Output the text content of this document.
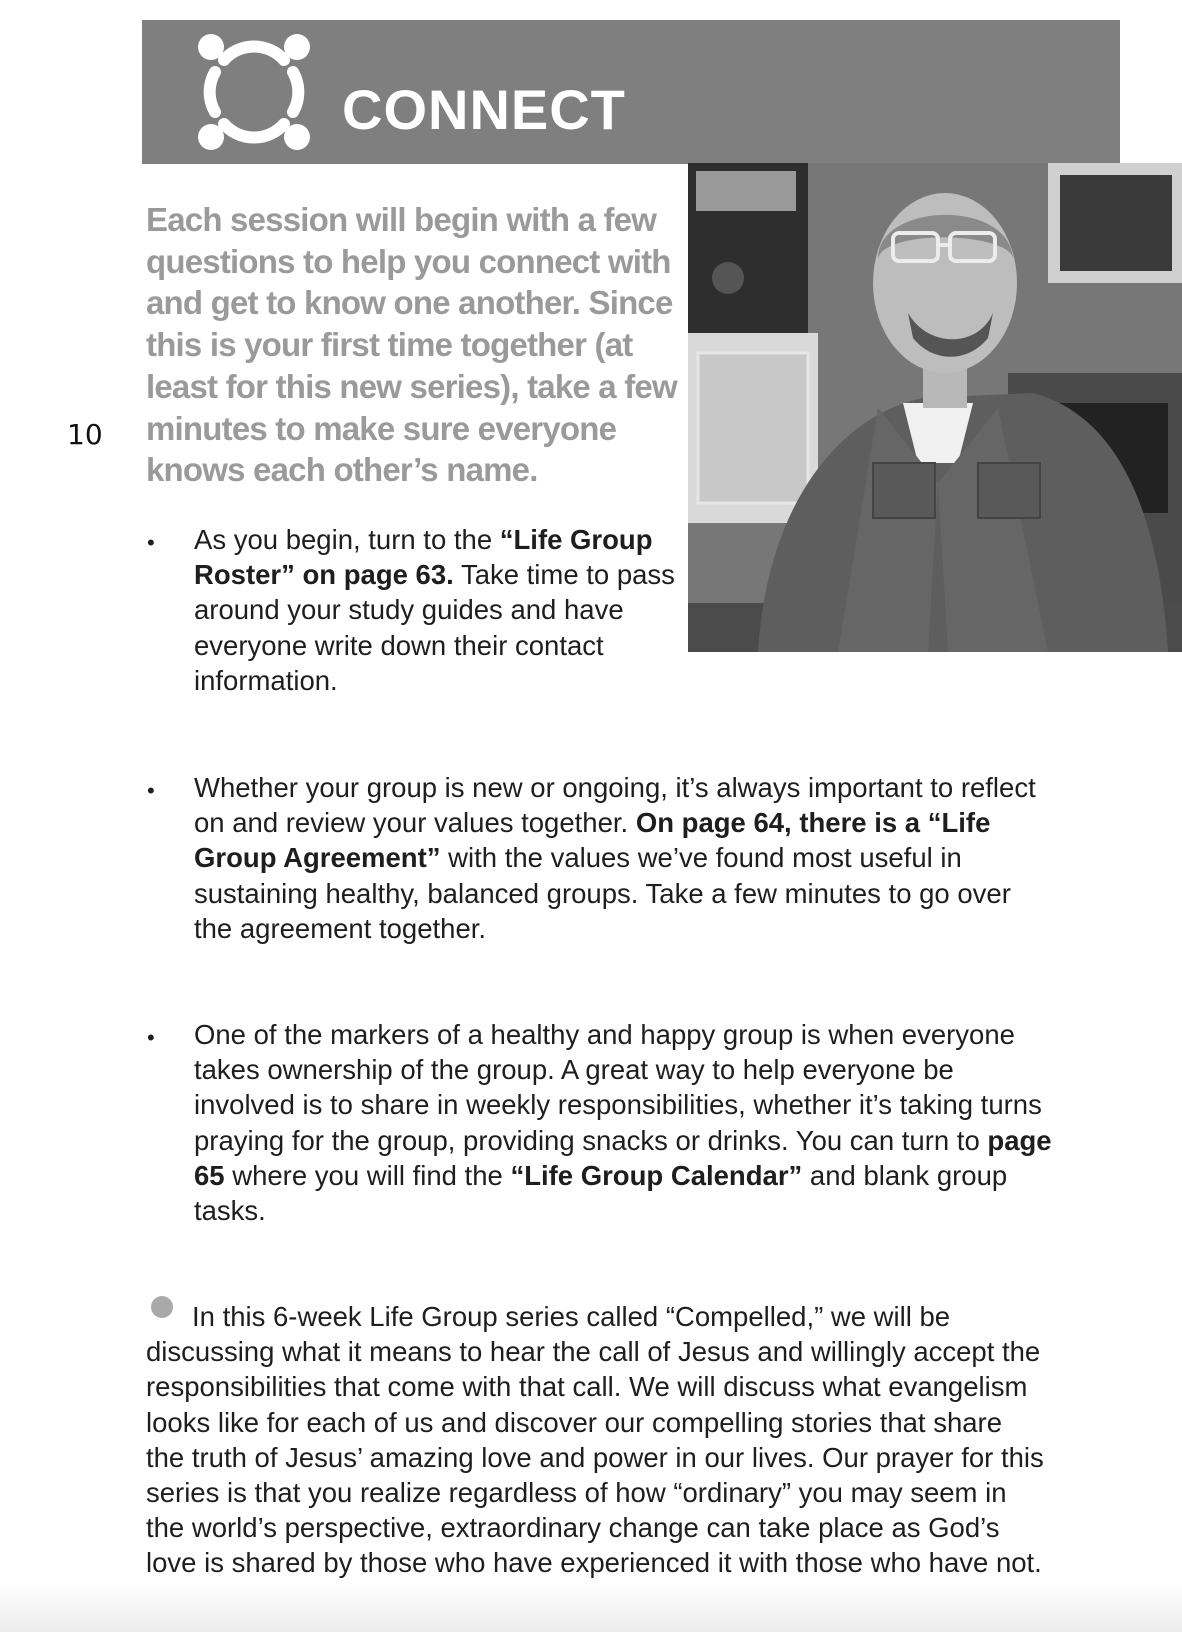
CONNECT
10

Each session will begin with a few questions to help you connect with and get to know one another. Since this is your first time together (at least for this new series), take a few minutes to make sure everyone knows each other’s name.

• As you begin, turn to the “Life Group Roster” on page 63. Take time to pass around your study guides and have everyone write down their contact information.

• Whether your group is new or ongoing, it’s always important to reflect on and review your values together. On page 64, there is a “Life Group Agreement” with the values we’ve found most useful in sustaining healthy, balanced groups. Take a few minutes to go over the agreement together.

• One of the markers of a healthy and happy group is when everyone takes ownership of the group. A great way to help everyone be involved is to share in weekly responsibilities, whether it’s taking turns praying for the group, providing snacks or drinks. You can turn to page 65 where you will find the “Life Group Calendar” and blank group tasks.

In this 6-week Life Group series called “Compelled,” we will be discussing what it means to hear the call of Jesus and willingly accept the responsibilities that come with that call. We will discuss what evangelism looks like for each of us and discover our compelling stories that share the truth of Jesus’ amazing love and power in our lives. Our prayer for this series is that you realize regardless of how “ordinary” you may seem in the world’s perspective, extraordinary change can take place as God’s love is shared by those who have experienced it with those who have not.
